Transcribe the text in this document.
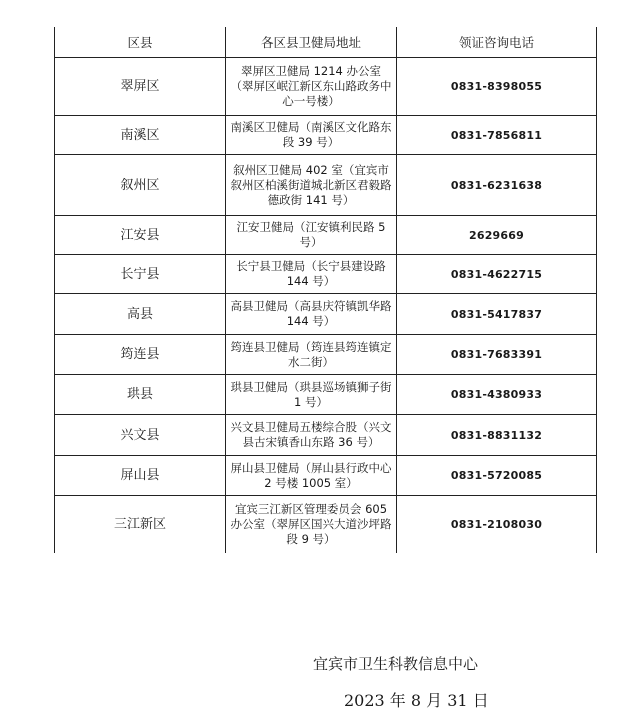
区县	各区县卫健局地址	领证咨询电话
翠屏区	翠屏区卫健局 1214 办公室（翠屏区岷江新区东山路政务中心一号楼）	0831-8398055
南溪区	南溪区卫健局（南溪区文化路东段 39 号）	0831-7856811
叙州区	叙州区卫健局 402 室（宜宾市叙州区柏溪街道城北新区君毅路德政街 141 号）	0831-6231638
江安县	江安卫健局（江安镇利民路 5 号）	2629669
长宁县	长宁县卫健局（长宁县建设路 144 号）	0831-4622715
高县	高县卫健局（高县庆符镇凯华路 144 号）	0831-5417837
筠连县	筠连县卫健局（筠连县筠连镇定水二街）	0831-7683391
珙县	珙县卫健局（珙县巡场镇狮子街 1 号）	0831-4380933
兴文县	兴文县卫健局五楼综合股（兴文县古宋镇香山东路 36 号）	0831-8831132
屏山县	屏山县卫健局（屏山县行政中心 2 号楼 1005 室）	0831-5720085
三江新区	宜宾三江新区管理委员会 605 办公室（翠屏区国兴大道沙坪路段 9 号）	0831-2108030
宜宾市卫生科教信息中心
2023 年 8 月 31 日
